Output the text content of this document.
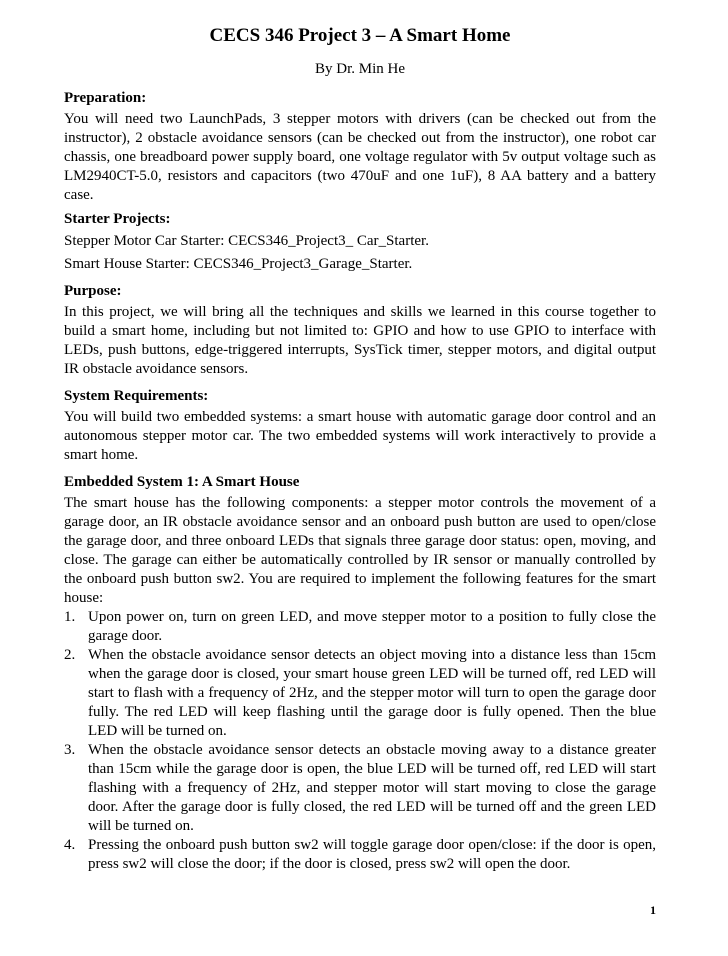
CECS 346 Project 3 – A Smart Home
By Dr. Min He
Preparation:

You will need two LaunchPads, 3 stepper motors with drivers (can be checked out from the instructor), 2 obstacle avoidance sensors (can be checked out from the instructor), one robot car chassis, one breadboard power supply board, one voltage regulator with 5v output voltage such as LM2940CT-5.0, resistors and capacitors (two 470uF and one 1uF), 8 AA battery and a battery case.

Starter Projects:
Stepper Motor Car Starter: CECS346_Project3_ Car_Starter.
Smart House Starter: CECS346_Project3_Garage_Starter.
Purpose:

In this project, we will bring all the techniques and skills we learned in this course together to build a smart home, including but not limited to: GPIO and how to use GPIO to interface with LEDs, push buttons, edge-triggered interrupts, SysTick timer, stepper motors, and digital output IR obstacle avoidance sensors.

System Requirements:

You will build two embedded systems: a smart house with automatic garage door control and an autonomous stepper motor car. The two embedded systems will work interactively to provide a smart home.

Embedded System 1: A Smart House

The smart house has the following components: a stepper motor controls the movement of a garage door, an IR obstacle avoidance sensor and an onboard push button are used to open/close the garage door, and three onboard LEDs that signals three garage door status: open, moving, and close. The garage can either be automatically controlled by IR sensor or manually controlled by the onboard push button sw2. You are required to implement the following features for the smart house:

1. Upon power on, turn on green LED, and move stepper motor to a position to fully close the garage door.
2. When the obstacle avoidance sensor detects an object moving into a distance less than 15cm when the garage door is closed, your smart house green LED will be turned off, red LED will start to flash with a frequency of 2Hz, and the stepper motor will turn to open the garage door fully. The red LED will keep flashing until the garage door is fully opened. Then the blue LED will be turned on.
3. When the obstacle avoidance sensor detects an obstacle moving away to a distance greater than 15cm while the garage door is open, the blue LED will be turned off, red LED will start flashing with a frequency of 2Hz, and stepper motor will start moving to close the garage door. After the garage door is fully closed, the red LED will be turned off and the green LED will be turned on.
4. Pressing the onboard push button sw2 will toggle garage door open/close: if the door is open, press sw2 will close the door; if the door is closed, press sw2 will open the door.
1
